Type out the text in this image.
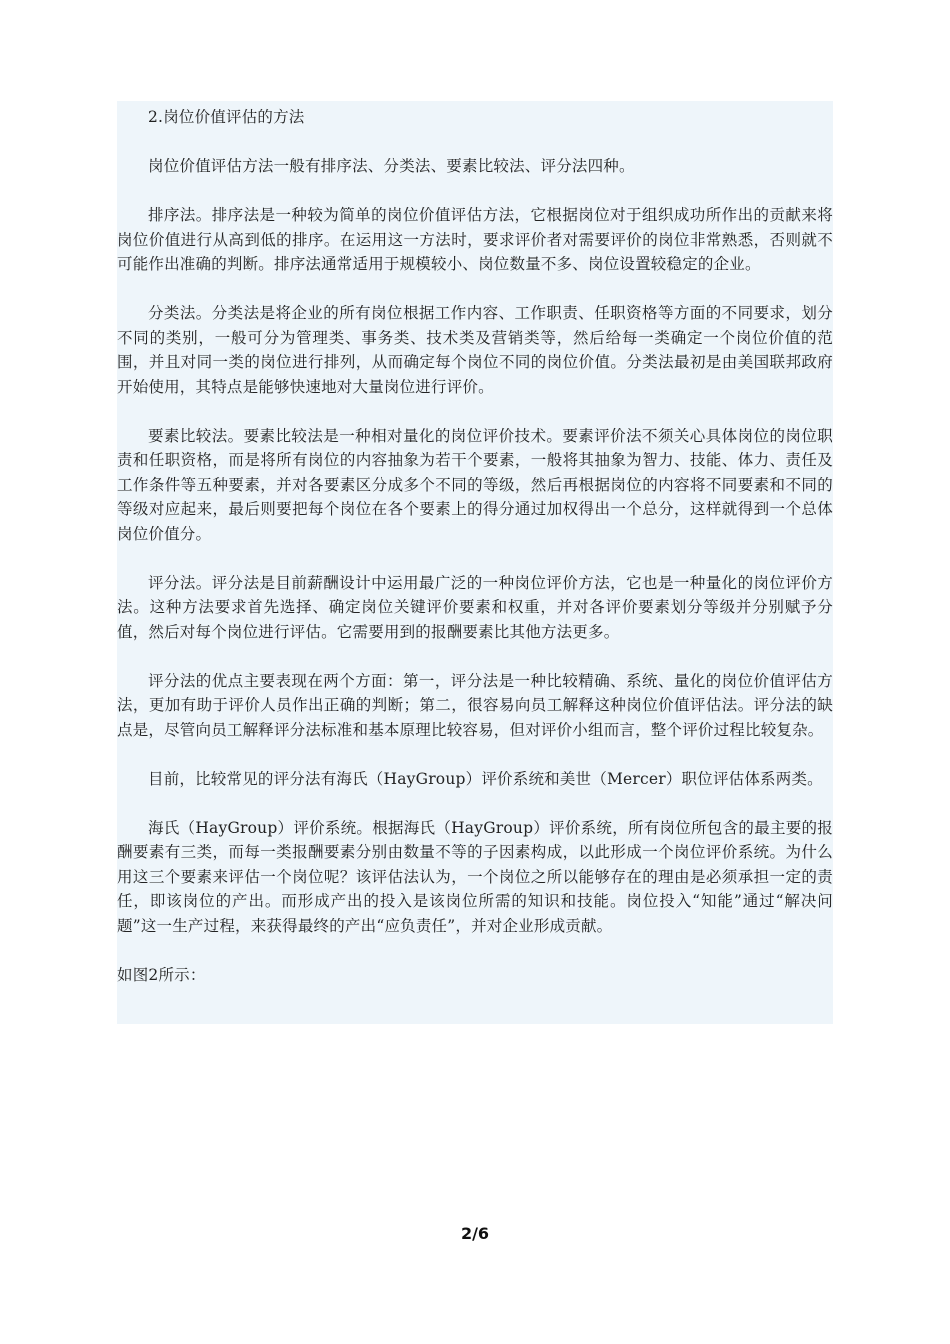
2.岗位价值评估的方法

岗位价值评估方法一般有排序法、分类法、要素比较法、评分法四种。

排序法。排序法是一种较为简单的岗位价值评估方法，它根据岗位对于组织成功所作出的贡献来将岗位价值进行从高到低的排序。在运用这一方法时，要求评价者对需要评价的岗位非常熟悉，否则就不可能作出准确的判断。排序法通常适用于规模较小、岗位数量不多、岗位设置较稳定的企业。

分类法。分类法是将企业的所有岗位根据工作内容、工作职责、任职资格等方面的不同要求，划分不同的类别，一般可分为管理类、事务类、技术类及营销类等，然后给每一类确定一个岗位价值的范围，并且对同一类的岗位进行排列，从而确定每个岗位不同的岗位价值。分类法最初是由美国联邦政府开始使用，其特点是能够快速地对大量岗位进行评价。

要素比较法。要素比较法是一种相对量化的岗位评价技术。要素评价法不须关心具体岗位的岗位职责和任职资格，而是将所有岗位的内容抽象为若干个要素，一般将其抽象为智力、技能、体力、责任及工作条件等五种要素，并对各要素区分成多个不同的等级，然后再根据岗位的内容将不同要素和不同的等级对应起来，最后则要把每个岗位在各个要素上的得分通过加权得出一个总分，这样就得到一个总体岗位价值分。

评分法。评分法是目前薪酬设计中运用最广泛的一种岗位评价方法，它也是一种量化的岗位评价方法。这种方法要求首先选择、确定岗位关键评价要素和权重，并对各评价要素划分等级并分别赋予分值，然后对每个岗位进行评估。它需要用到的报酬要素比其他方法更多。

评分法的优点主要表现在两个方面：第一，评分法是一种比较精确、系统、量化的岗位价值评估方法，更加有助于评价人员作出正确的判断；第二，很容易向员工解释这种岗位价值评估法。评分法的缺点是，尽管向员工解释评分法标准和基本原理比较容易，但对评价小组而言，整个评价过程比较复杂。

目前，比较常见的评分法有海氏（HayGroup）评价系统和美世（Mercer）职位评估体系两类。

海氏（HayGroup）评价系统。根据海氏（HayGroup）评价系统，所有岗位所包含的最主要的报酬要素有三类，而每一类报酬要素分别由数量不等的子因素构成，以此形成一个岗位评价系统。为什么用这三个要素来评估一个岗位呢？该评估法认为，一个岗位之所以能够存在的理由是必须承担一定的责任，即该岗位的产出。而形成产出的投入是该岗位所需的知识和技能。岗位投入“知能”通过“解决问题”这一生产过程，来获得最终的产出“应负责任”，并对企业形成贡献。

如图2所示：

2/6
